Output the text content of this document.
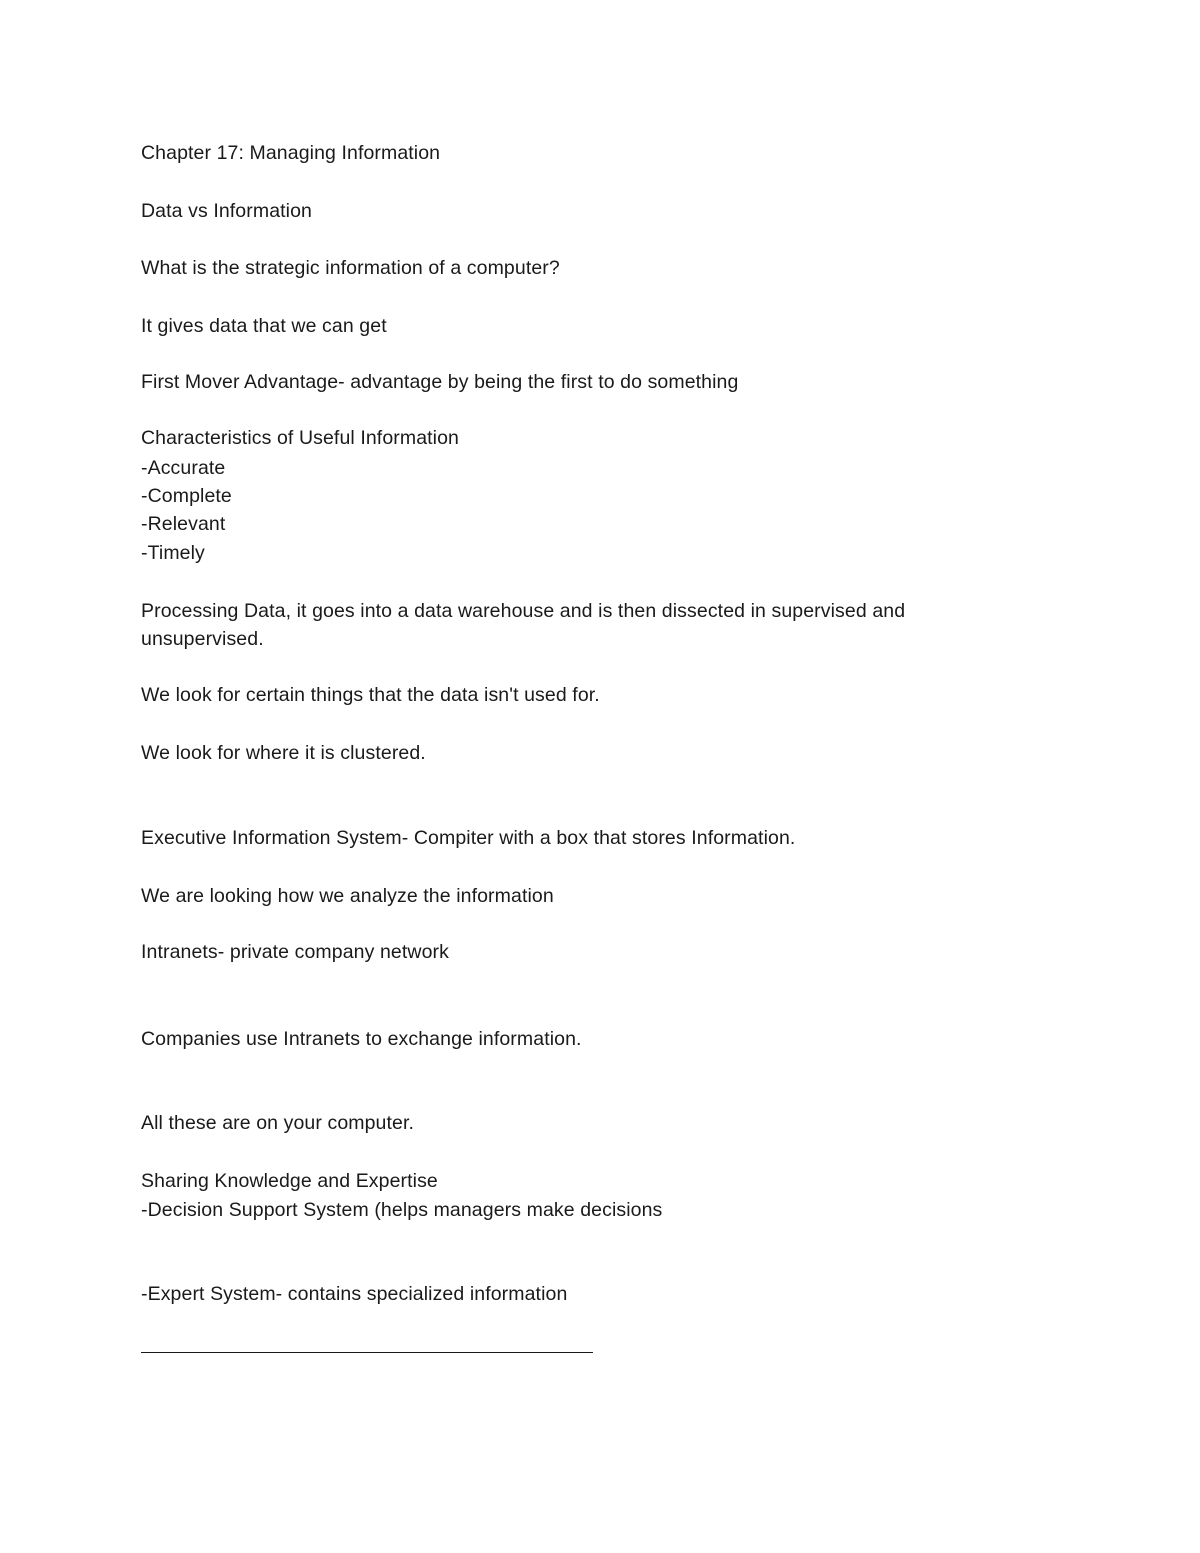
Chapter 17: Managing Information
Data vs Information
What is the strategic information of a computer?
It gives data that we can get
First Mover Advantage- advantage by being the first to do something
Characteristics of Useful Information
-Accurate
-Complete
-Relevant
-Timely
Processing Data, it goes into a data warehouse and is then dissected in supervised and
unsupervised.
We look for certain things that the data isn't used for.
We look for where it is clustered.
Executive Information System- Compiter with a box that stores Information.
We are looking how we analyze the information
Intranets- private company network
Companies use Intranets to exchange information.
All these are on your computer.
Sharing Knowledge and Expertise
-Decision Support System (helps managers make decisions
-Expert System- contains specialized information
